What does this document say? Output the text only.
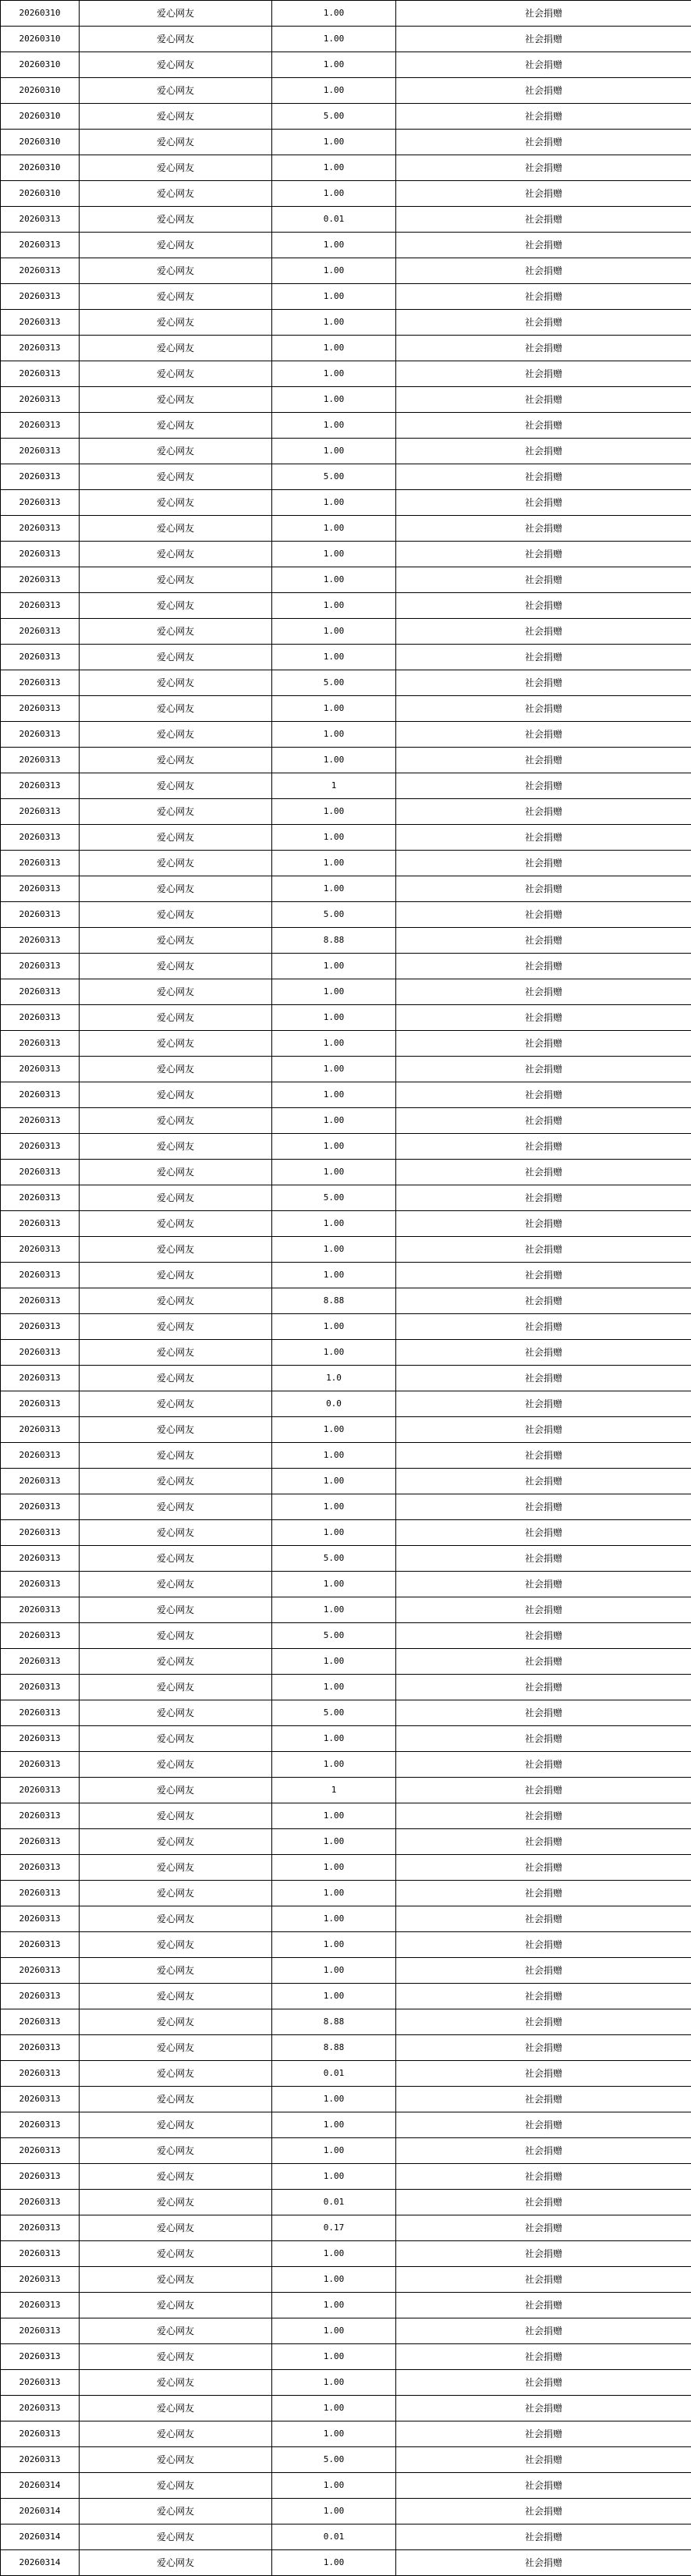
20260310	爱心网友	1.00	社会捐赠
20260310	爱心网友	1.00	社会捐赠
20260310	爱心网友	1.00	社会捐赠
20260310	爱心网友	1.00	社会捐赠
20260310	爱心网友	5.00	社会捐赠
20260310	爱心网友	1.00	社会捐赠
20260310	爱心网友	1.00	社会捐赠
20260310	爱心网友	1.00	社会捐赠
20260313	爱心网友	0.01	社会捐赠
20260313	爱心网友	1.00	社会捐赠
20260313	爱心网友	1.00	社会捐赠
20260313	爱心网友	1.00	社会捐赠
20260313	爱心网友	1.00	社会捐赠
20260313	爱心网友	1.00	社会捐赠
20260313	爱心网友	1.00	社会捐赠
20260313	爱心网友	1.00	社会捐赠
20260313	爱心网友	1.00	社会捐赠
20260313	爱心网友	1.00	社会捐赠
20260313	爱心网友	5.00	社会捐赠
20260313	爱心网友	1.00	社会捐赠
20260313	爱心网友	1.00	社会捐赠
20260313	爱心网友	1.00	社会捐赠
20260313	爱心网友	1.00	社会捐赠
20260313	爱心网友	1.00	社会捐赠
20260313	爱心网友	1.00	社会捐赠
20260313	爱心网友	1.00	社会捐赠
20260313	爱心网友	5.00	社会捐赠
20260313	爱心网友	1.00	社会捐赠
20260313	爱心网友	1.00	社会捐赠
20260313	爱心网友	1.00	社会捐赠
20260313	爱心网友	1	社会捐赠
20260313	爱心网友	1.00	社会捐赠
20260313	爱心网友	1.00	社会捐赠
20260313	爱心网友	1.00	社会捐赠
20260313	爱心网友	1.00	社会捐赠
20260313	爱心网友	5.00	社会捐赠
20260313	爱心网友	8.88	社会捐赠
20260313	爱心网友	1.00	社会捐赠
20260313	爱心网友	1.00	社会捐赠
20260313	爱心网友	1.00	社会捐赠
20260313	爱心网友	1.00	社会捐赠
20260313	爱心网友	1.00	社会捐赠
20260313	爱心网友	1.00	社会捐赠
20260313	爱心网友	1.00	社会捐赠
20260313	爱心网友	1.00	社会捐赠
20260313	爱心网友	1.00	社会捐赠
20260313	爱心网友	5.00	社会捐赠
20260313	爱心网友	1.00	社会捐赠
20260313	爱心网友	1.00	社会捐赠
20260313	爱心网友	1.00	社会捐赠
20260313	爱心网友	8.88	社会捐赠
20260313	爱心网友	1.00	社会捐赠
20260313	爱心网友	1.00	社会捐赠
20260313	爱心网友	1.0	社会捐赠
20260313	爱心网友	0.0	社会捐赠
20260313	爱心网友	1.00	社会捐赠
20260313	爱心网友	1.00	社会捐赠
20260313	爱心网友	1.00	社会捐赠
20260313	爱心网友	1.00	社会捐赠
20260313	爱心网友	1.00	社会捐赠
20260313	爱心网友	5.00	社会捐赠
20260313	爱心网友	1.00	社会捐赠
20260313	爱心网友	1.00	社会捐赠
20260313	爱心网友	5.00	社会捐赠
20260313	爱心网友	1.00	社会捐赠
20260313	爱心网友	1.00	社会捐赠
20260313	爱心网友	5.00	社会捐赠
20260313	爱心网友	1.00	社会捐赠
20260313	爱心网友	1.00	社会捐赠
20260313	爱心网友	1	社会捐赠
20260313	爱心网友	1.00	社会捐赠
20260313	爱心网友	1.00	社会捐赠
20260313	爱心网友	1.00	社会捐赠
20260313	爱心网友	1.00	社会捐赠
20260313	爱心网友	1.00	社会捐赠
20260313	爱心网友	1.00	社会捐赠
20260313	爱心网友	1.00	社会捐赠
20260313	爱心网友	1.00	社会捐赠
20260313	爱心网友	8.88	社会捐赠
20260313	爱心网友	8.88	社会捐赠
20260313	爱心网友	0.01	社会捐赠
20260313	爱心网友	1.00	社会捐赠
20260313	爱心网友	1.00	社会捐赠
20260313	爱心网友	1.00	社会捐赠
20260313	爱心网友	1.00	社会捐赠
20260313	爱心网友	0.01	社会捐赠
20260313	爱心网友	0.17	社会捐赠
20260313	爱心网友	1.00	社会捐赠
20260313	爱心网友	1.00	社会捐赠
20260313	爱心网友	1.00	社会捐赠
20260313	爱心网友	1.00	社会捐赠
20260313	爱心网友	1.00	社会捐赠
20260313	爱心网友	1.00	社会捐赠
20260313	爱心网友	1.00	社会捐赠
20260313	爱心网友	1.00	社会捐赠
20260313	爱心网友	5.00	社会捐赠
20260314	爱心网友	1.00	社会捐赠
20260314	爱心网友	1.00	社会捐赠
20260314	爱心网友	0.01	社会捐赠
20260314	爱心网友	1.00	社会捐赠
